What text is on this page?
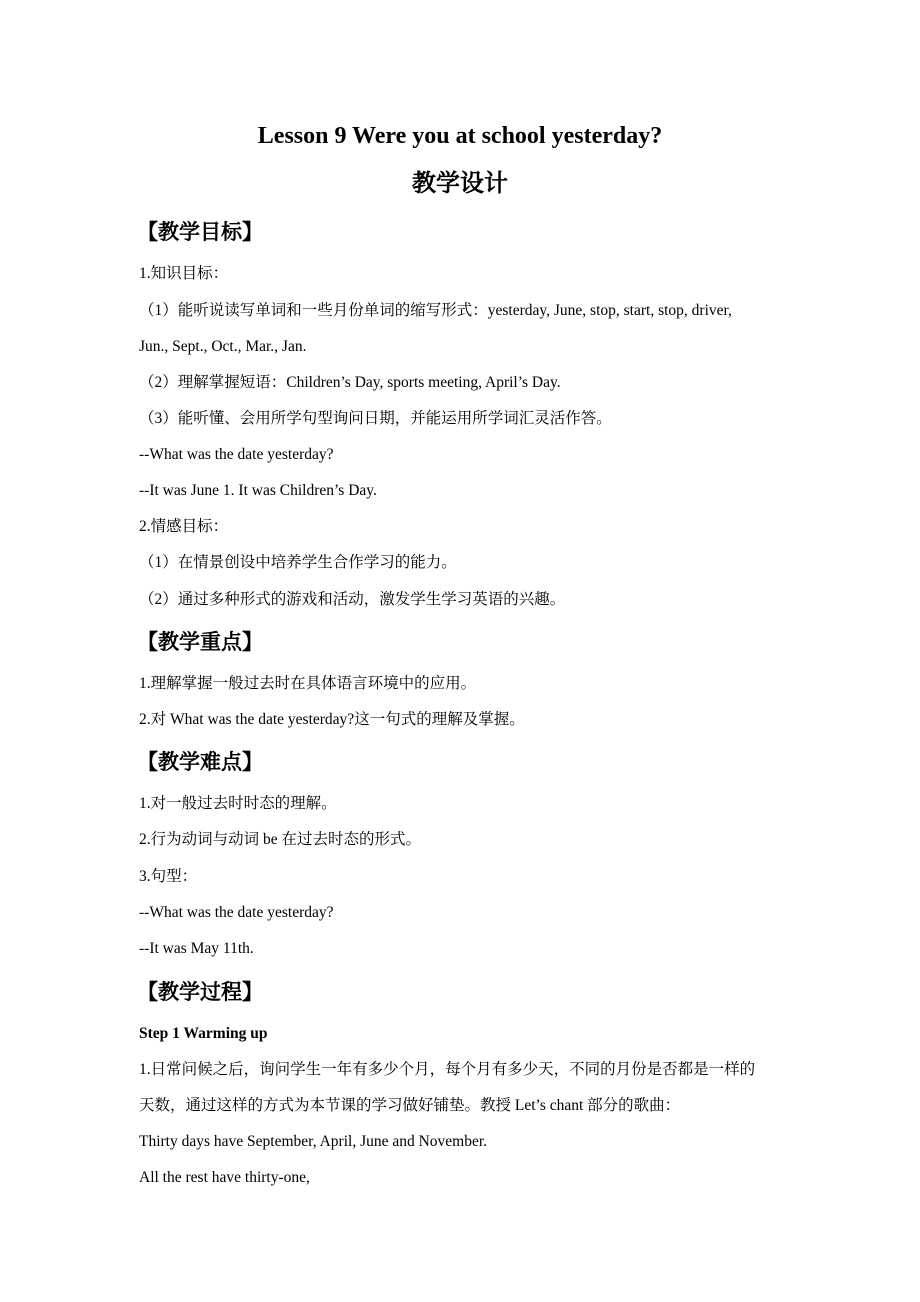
Lesson 9 Were you at school yesterday?
教学设计
【教学目标】
1.知识目标：
（1）能听说读写单词和一些月份单词的缩写形式：yesterday, June, stop, start, stop, driver,
Jun., Sept., Oct., Mar., Jan.
（2）理解掌握短语：Children’s Day, sports meeting, April’s Day.
（3）能听懂、会用所学句型询问日期，并能运用所学词汇灵活作答。
--What was the date yesterday?
--It was June 1. It was Children’s Day.
2.情感目标：
（1）在情景创设中培养学生合作学习的能力。
（2）通过多种形式的游戏和活动，激发学生学习英语的兴趣。
【教学重点】
1.理解掌握一般过去时在具体语言环境中的应用。
2.对 What was the date yesterday?这一句式的理解及掌握。
【教学难点】
1.对一般过去时时态的理解。
2.行为动词与动词 be 在过去时态的形式。
3.句型：
--What was the date yesterday?
--It was May 11th.
【教学过程】
Step 1 Warming up
1.日常问候之后，询问学生一年有多少个月，每个月有多少天，不同的月份是否都是一样的
天数，通过这样的方式为本节课的学习做好铺垫。教授 Let’s chant 部分的歌曲：
Thirty days have September, April, June and November.
All the rest have thirty-one,
